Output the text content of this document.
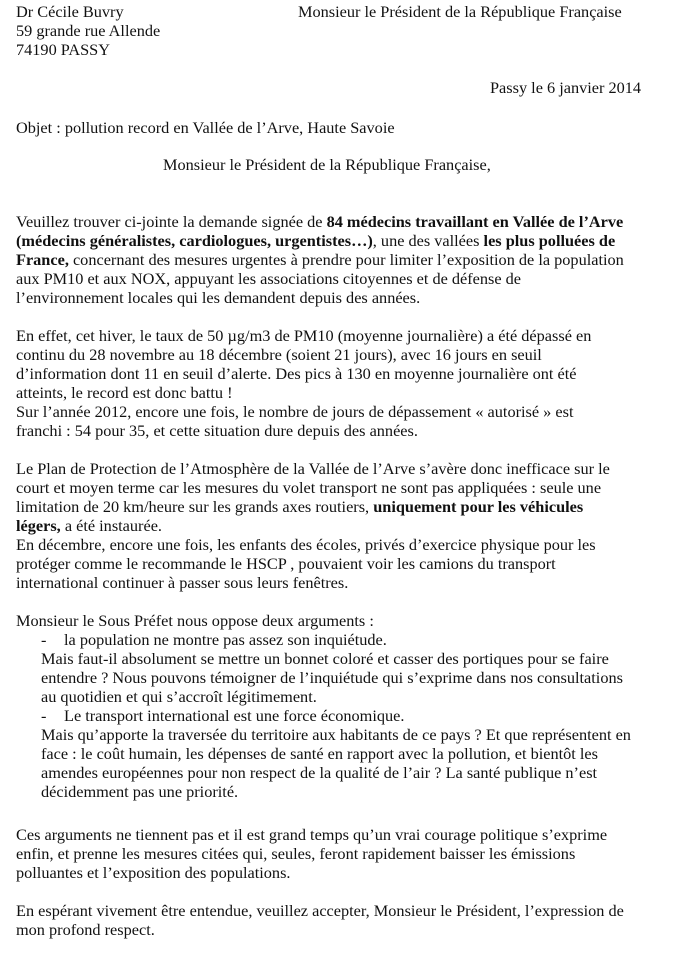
Dr Cécile Buvry
59 grande rue Allende
74190 PASSY
Monsieur le Président de la République Française
Passy le 6 janvier 2014
Objet : pollution record en Vallée de l’Arve, Haute Savoie
Monsieur le Président de la République Française,
Veuillez trouver ci-jointe la demande signée de 84 médecins travaillant en Vallée de l’Arve
(médecins généralistes, cardiologues, urgentistes…), une des vallées les plus polluées de
France, concernant des mesures urgentes à prendre pour limiter l’exposition de la population
aux PM10 et aux NOX, appuyant les associations citoyennes et de défense de
l’environnement locales qui les demandent depuis des années.
En effet, cet hiver, le taux de 50 µg/m3 de PM10 (moyenne journalière) a été dépassé en
continu du 28 novembre au 18 décembre (soient 21 jours), avec 16 jours en seuil
d’information dont 11 en seuil d’alerte. Des pics à 130 en moyenne journalière ont été
atteints, le record est donc battu !
Sur l’année 2012, encore une fois, le nombre de jours de dépassement « autorisé » est
franchi : 54 pour 35, et cette situation dure depuis des années.
Le Plan de Protection de l’Atmosphère de la Vallée de l’Arve s’avère donc inefficace sur le
court et moyen terme car les mesures du volet transport ne sont pas appliquées : seule une
limitation de 20 km/heure sur les grands axes routiers, uniquement pour les véhicules
légers, a été instaurée.
En décembre, encore une fois, les enfants des écoles, privés d’exercice physique pour les
protéger comme le recommande le HSCP , pouvaient voir les camions du transport
international continuer à passer sous leurs fenêtres.
Monsieur le Sous Préfet nous oppose deux arguments :
- la population ne montre pas assez son inquiétude.
Mais faut-il absolument se mettre un bonnet coloré et casser des portiques pour se faire
entendre ? Nous pouvons témoigner de l’inquiétude qui s’exprime dans nos consultations
au quotidien et qui s’accroît légitimement.
- Le transport international est une force économique.
Mais qu’apporte la traversée du territoire aux habitants de ce pays ? Et que représentent en
face : le coût humain, les dépenses de santé en rapport avec la pollution, et bientôt les
amendes européennes pour non respect de la qualité de l’air ? La santé publique n’est
décidemment pas une priorité.
Ces arguments ne tiennent pas et il est grand temps qu’un vrai courage politique s’exprime
enfin, et prenne les mesures citées qui, seules, feront rapidement baisser les émissions
polluantes et l’exposition des populations.
En espérant vivement être entendue, veuillez accepter, Monsieur le Président, l’expression de
mon profond respect.
